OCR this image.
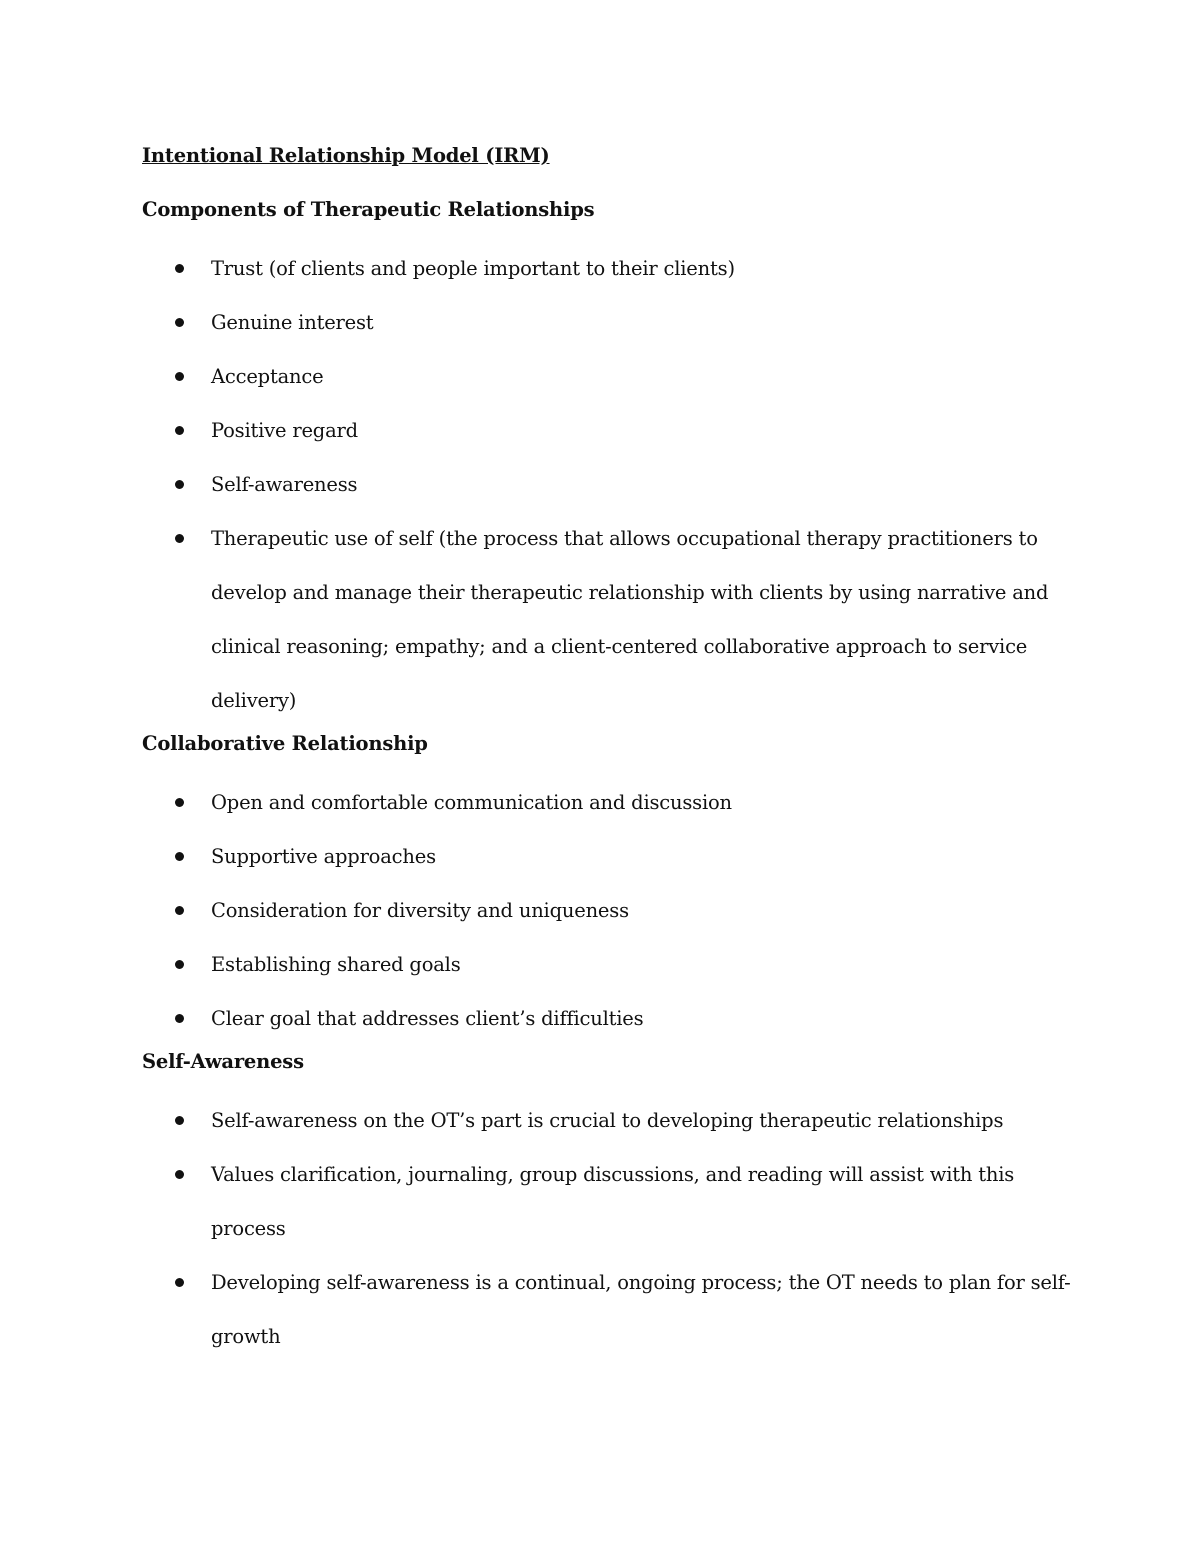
Intentional Relationship Model (IRM)
Components of Therapeutic Relationships
Trust (of clients and people important to their clients)
Genuine interest
Acceptance
Positive regard
Self-awareness
Therapeutic use of self (the process that allows occupational therapy practitioners to develop and manage their therapeutic relationship with clients by using narrative and clinical reasoning; empathy; and a client-centered collaborative approach to service delivery)
Collaborative Relationship
Open and comfortable communication and discussion
Supportive approaches
Consideration for diversity and uniqueness
Establishing shared goals
Clear goal that addresses client’s difficulties
Self-Awareness
Self-awareness on the OT’s part is crucial to developing therapeutic relationships
Values clarification, journaling, group discussions, and reading will assist with this process
Developing self-awareness is a continual, ongoing process; the OT needs to plan for self-growth
